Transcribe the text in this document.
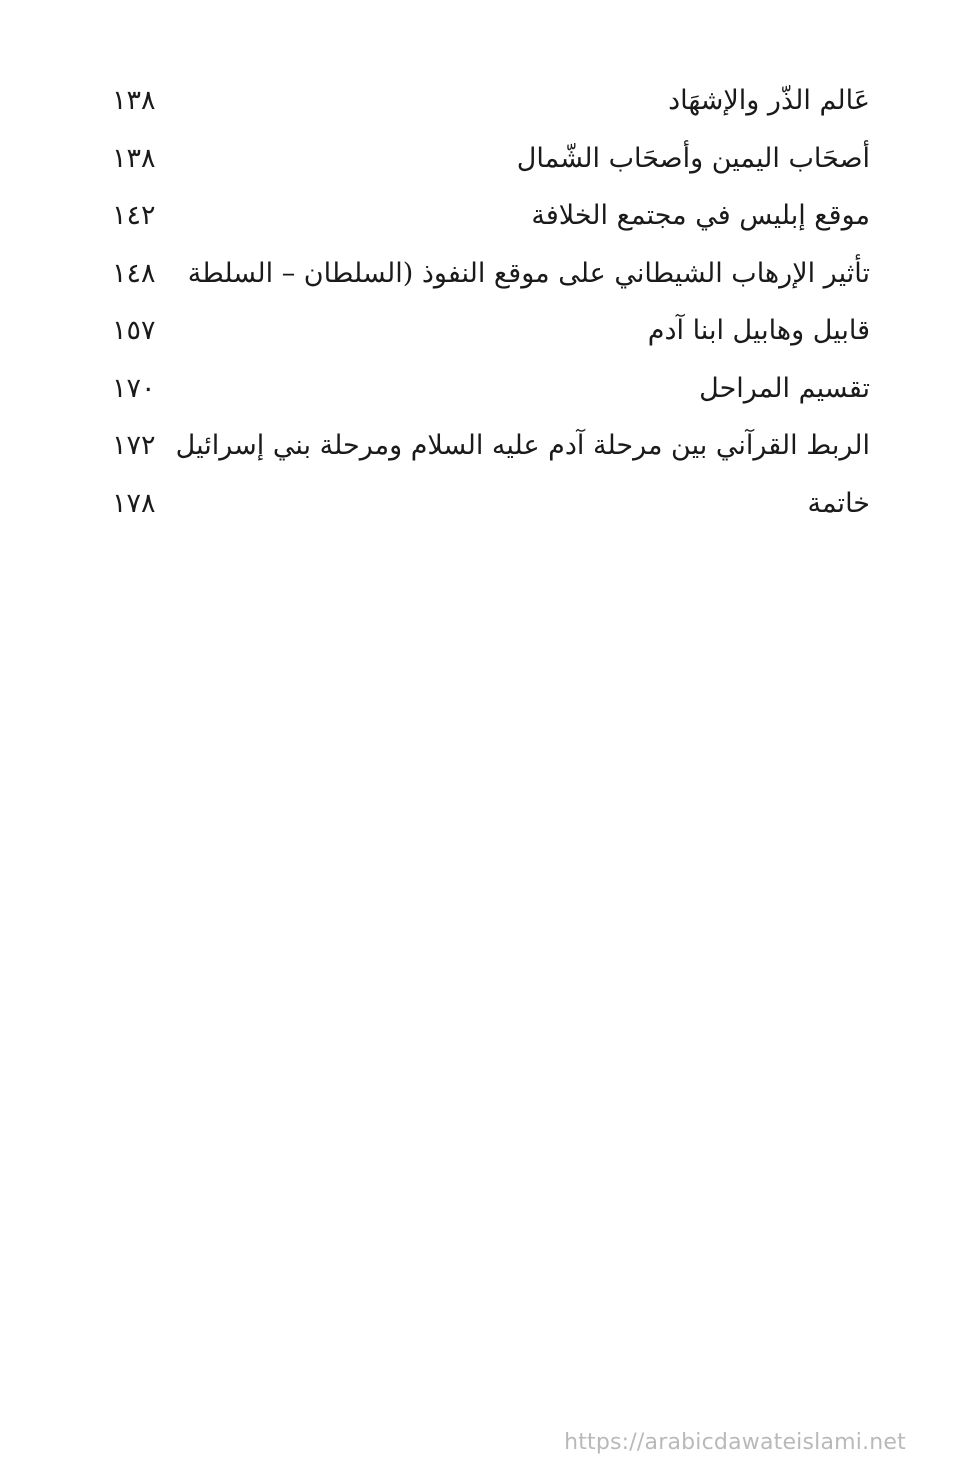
عَالم الذّر والإشهَاد
١٣٨
أصحَاب اليمين وأصحَاب الشّمال
١٣٨
موقع إبليس في مجتمع الخلافة
١٤٢
تأثير الإرهاب الشيطاني على موقع النفوذ (السلطان – السلطة
١٤٨
قابيل وهابيل ابنا آدم
١٥٧
تقسيم المراحل
١٧٠
الربط القرآني بين مرحلة آدم عليه السلام ومرحلة بني إسرائيل
١٧٢
خاتمة
١٧٨
https://arabicdawateislami.net
